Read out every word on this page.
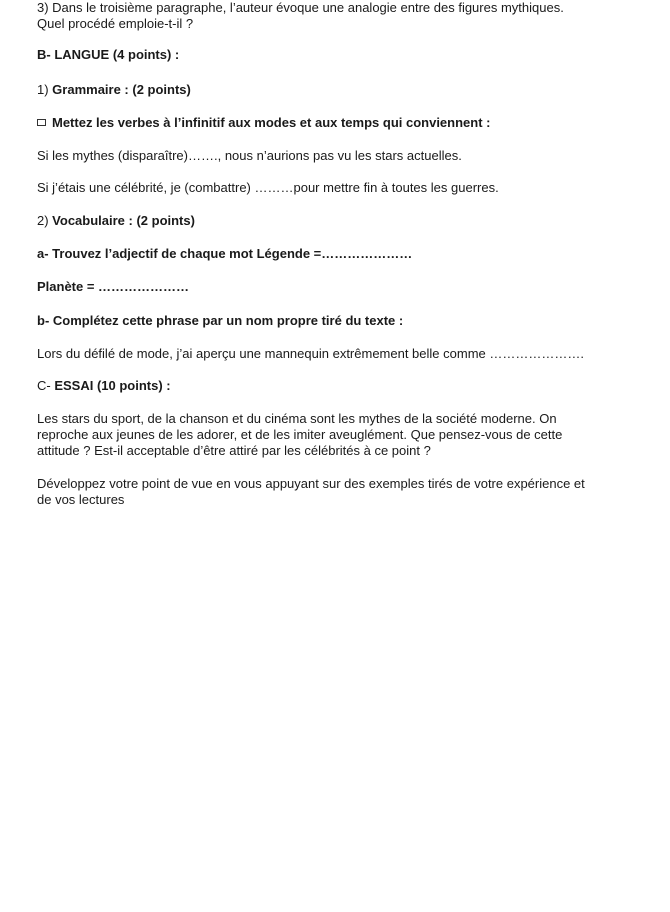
3) Dans le troisième paragraphe, l’auteur évoque une analogie entre des figures mythiques.
Quel procédé emploie-t-il ?
B- LANGUE (4 points) :
1) Grammaire : (2 points)
Mettez les verbes à l’infinitif aux modes et aux temps qui conviennent :
Si les mythes (disparaître)……., nous n’aurions pas vu les stars actuelles.
Si j’étais une célébrité, je (combattre) ………pour mettre fin à toutes les guerres.
2) Vocabulaire : (2 points)
a- Trouvez l’adjectif de chaque mot Légende =…………………
Planète = …………………
b- Complétez cette phrase par un nom propre tiré du texte :
Lors du défilé de mode, j’ai aperçu une mannequin extrêmement belle comme ………………….
C- ESSAI (10 points) :
Les stars du sport, de la chanson et du cinéma sont les mythes de la société moderne. On reproche aux jeunes de les adorer, et de les imiter aveuglément. Que pensez-vous de cette attitude ? Est-il acceptable d’être attiré par les célébrités à ce point ?
Développez votre point de vue en vous appuyant sur des exemples tirés de votre expérience et de vos lectures
